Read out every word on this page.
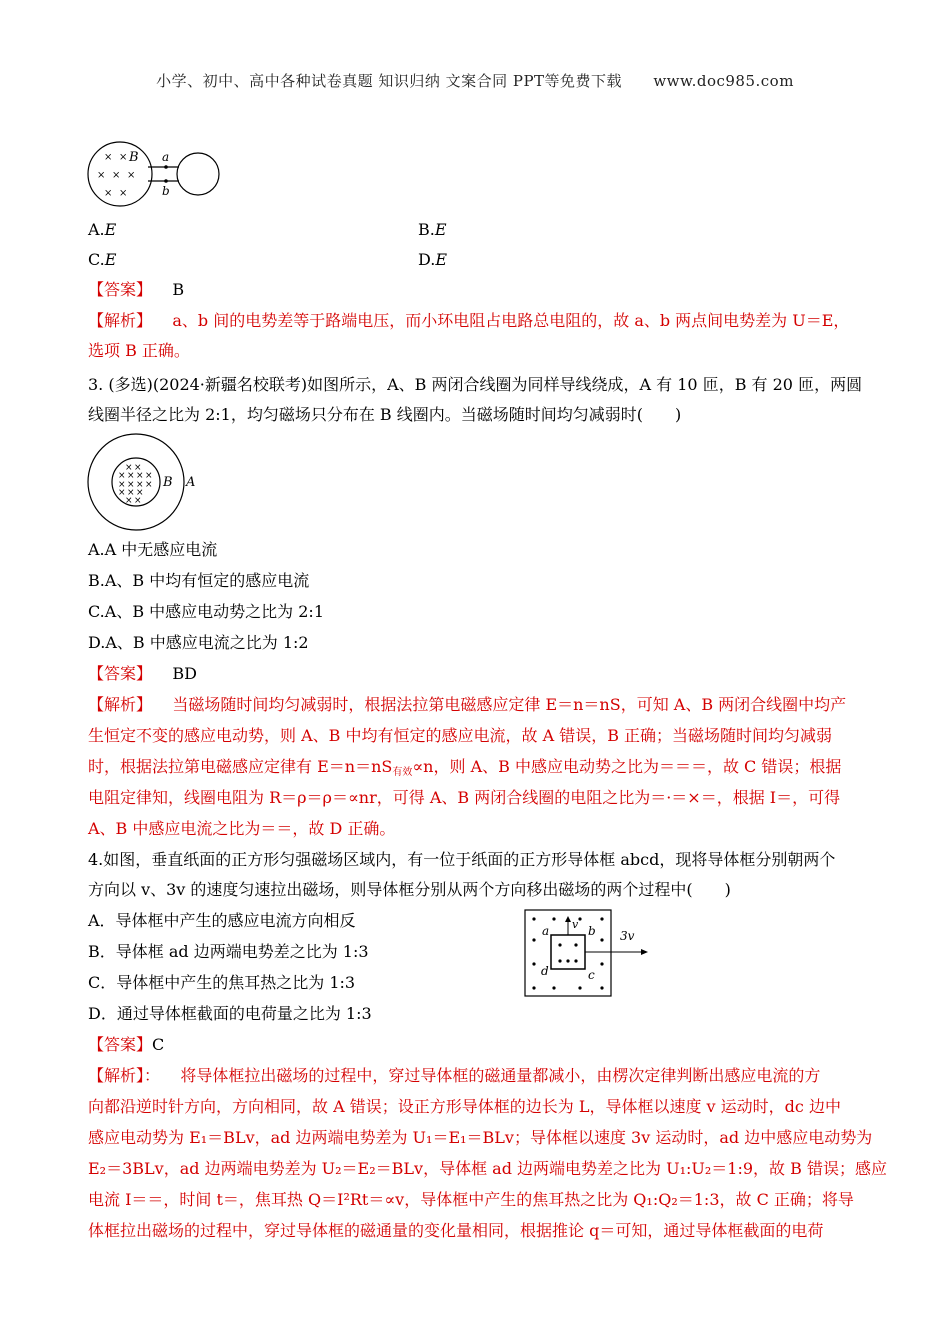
小学、初中、高中各种试卷真题 知识归纳 文案合同 PPT等免费下载 www.doc985.com
× ×
× × ×
× ×
B a
b
A.E	B.E
C.E	D.E
【答案】 B
【解析】 a、b 间的电势差等于路端电压，而小环电阻占电路总电阻的，故 a、b 两点间电势差为 U＝E，
选项 B 正确。
3. (多选)(2024·新疆名校联考)如图所示，A、B 两闭合线圈为同样导线绕成，A 有 10 匝，B 有 20 匝，两圆
线圈半径之比为 2:1，均匀磁场只分布在 B 线圈内。当磁场随时间均匀减弱时(　　)
× ×
× × × ×
× × × ×
× × ×
× ×
B A
A.A 中无感应电流
B.A、B 中均有恒定的感应电流
C.A、B 中感应电动势之比为 2:1
D.A、B 中感应电流之比为 1:2
【答案】 BD
【解析】 当磁场随时间均匀减弱时，根据法拉第电磁感应定律 E＝n＝nS，可知 A、B 两闭合线圈中均产
生恒定不变的感应电动势，则 A、B 中均有恒定的感应电流，故 A 错误，B 正确；当磁场随时间均匀减弱
时，根据法拉第电磁感应定律有 $E=n=nS_{有效}\propto n$，则 A、B 中感应电动势之比为＝＝＝，故 C 错误；根据
电阻定律知，线圈电阻为 R＝ρ＝ρ＝∝nr，可得 A、B 两闭合线圈的电阻之比为＝·＝×＝，根据 I＝，可得
A、B 中感应电流之比为＝＝，故 D 正确。
4.如图，垂直纸面的正方形匀强磁场区域内，有一位于纸面的正方形导体框 abcd，现将导体框分别朝两个
方向以 v、3v 的速度匀速拉出磁场，则导体框分别从两个方向移出磁场的两个过程中(　　)
A．导体框中产生的感应电流方向相反
B．导体框 ad 边两端电势差之比为 1:3
C．导体框中产生的焦耳热之比为 1:3
D．通过导体框截面的电荷量之比为 1:3
v
3v
a	b
c
d
【答案】C
【解析】： 将导体框拉出磁场的过程中，穿过导体框的磁通量都减小，由楞次定律判断出感应电流的方
向都沿逆时针方向，方向相同，故 A 错误；设正方形导体框的边长为 L，导体框以速度 v 运动时，dc 边中
感应电动势为 E₁＝BLv，ad 边两端电势差为 U₁＝E₁＝BLv；导体框以速度 3v 运动时，ad 边中感应电动势为
E₂＝3BLv，ad 边两端电势差为 U₂＝E₂＝BLv，导体框 ad 边两端电势差之比为 U₁:U₂＝1:9，故 B 错误；感应
电流 I＝＝，时间 t＝，焦耳热 Q＝I²Rt＝∝v，导体框中产生的焦耳热之比为 Q₁:Q₂＝1:3，故 C 正确；将导
体框拉出磁场的过程中，穿过导体框的磁通量的变化量相同，根据推论 q＝可知，通过导体框截面的电荷
